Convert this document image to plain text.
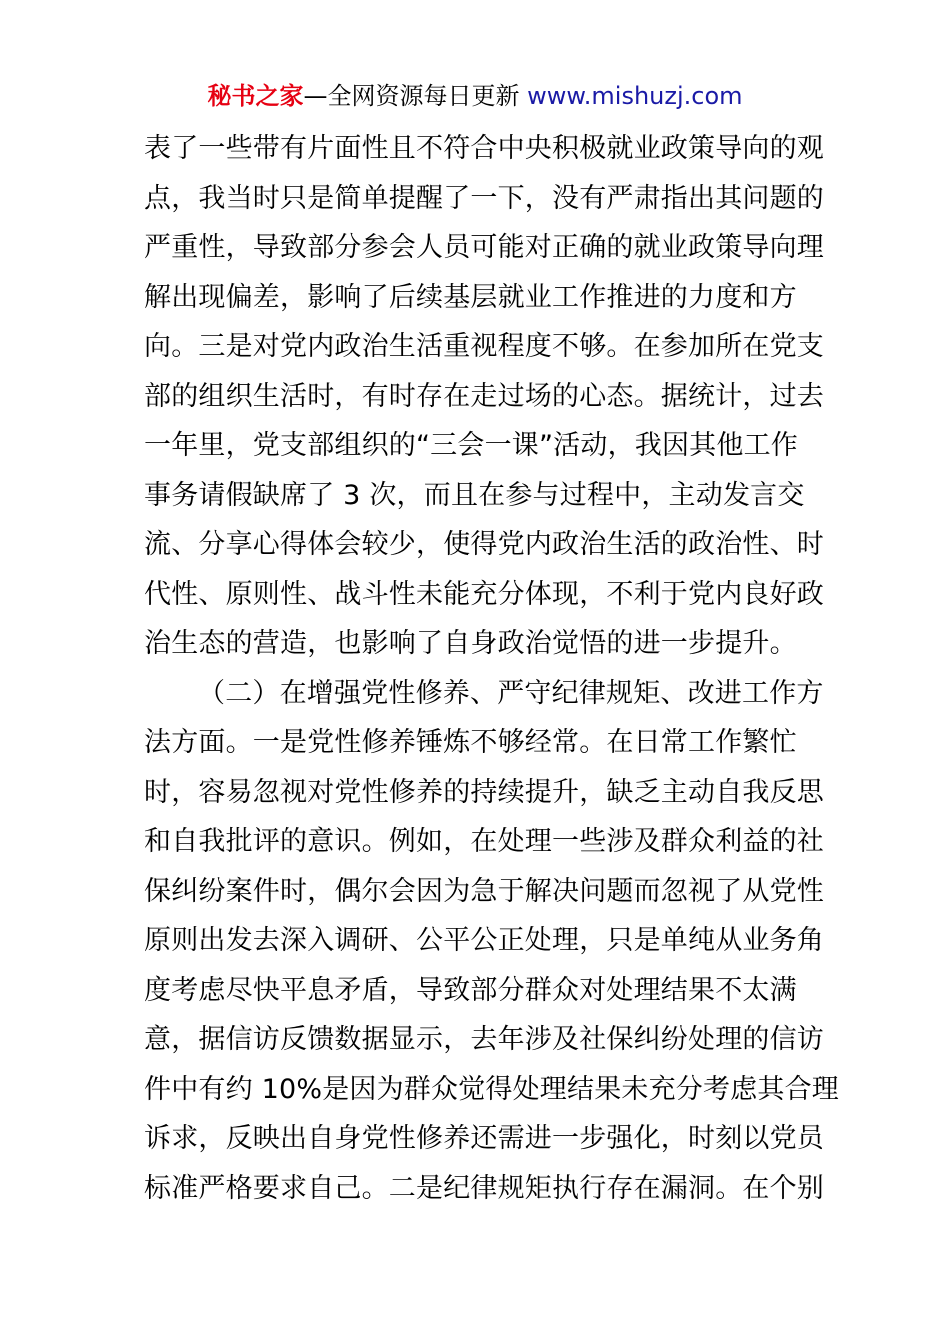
秘书之家—全网资源每日更新 www.mishuzj.com
表了一些带有片面性且不符合中央积极就业政策导向的观
点，我当时只是简单提醒了一下，没有严肃指出其问题的
严重性，导致部分参会人员可能对正确的就业政策导向理
解出现偏差，影响了后续基层就业工作推进的力度和方
向。三是对党内政治生活重视程度不够。在参加所在党支
部的组织生活时，有时存在走过场的心态。据统计，过去
一年里，党支部组织的“三会一课”活动，我因其他工作
事务请假缺席了 3 次，而且在参与过程中，主动发言交
流、分享心得体会较少，使得党内政治生活的政治性、时
代性、原则性、战斗性未能充分体现，不利于党内良好政
治生态的营造，也影响了自身政治觉悟的进一步提升。
（二）在增强党性修养、严守纪律规矩、改进工作方
法方面。一是党性修养锤炼不够经常。在日常工作繁忙
时，容易忽视对党性修养的持续提升，缺乏主动自我反思
和自我批评的意识。例如，在处理一些涉及群众利益的社
保纠纷案件时，偶尔会因为急于解决问题而忽视了从党性
原则出发去深入调研、公平公正处理，只是单纯从业务角
度考虑尽快平息矛盾，导致部分群众对处理结果不太满
意，据信访反馈数据显示，去年涉及社保纠纷处理的信访
件中有约 10%是因为群众觉得处理结果未充分考虑其合理
诉求，反映出自身党性修养还需进一步强化，时刻以党员
标准严格要求自己。二是纪律规矩执行存在漏洞。在个别
